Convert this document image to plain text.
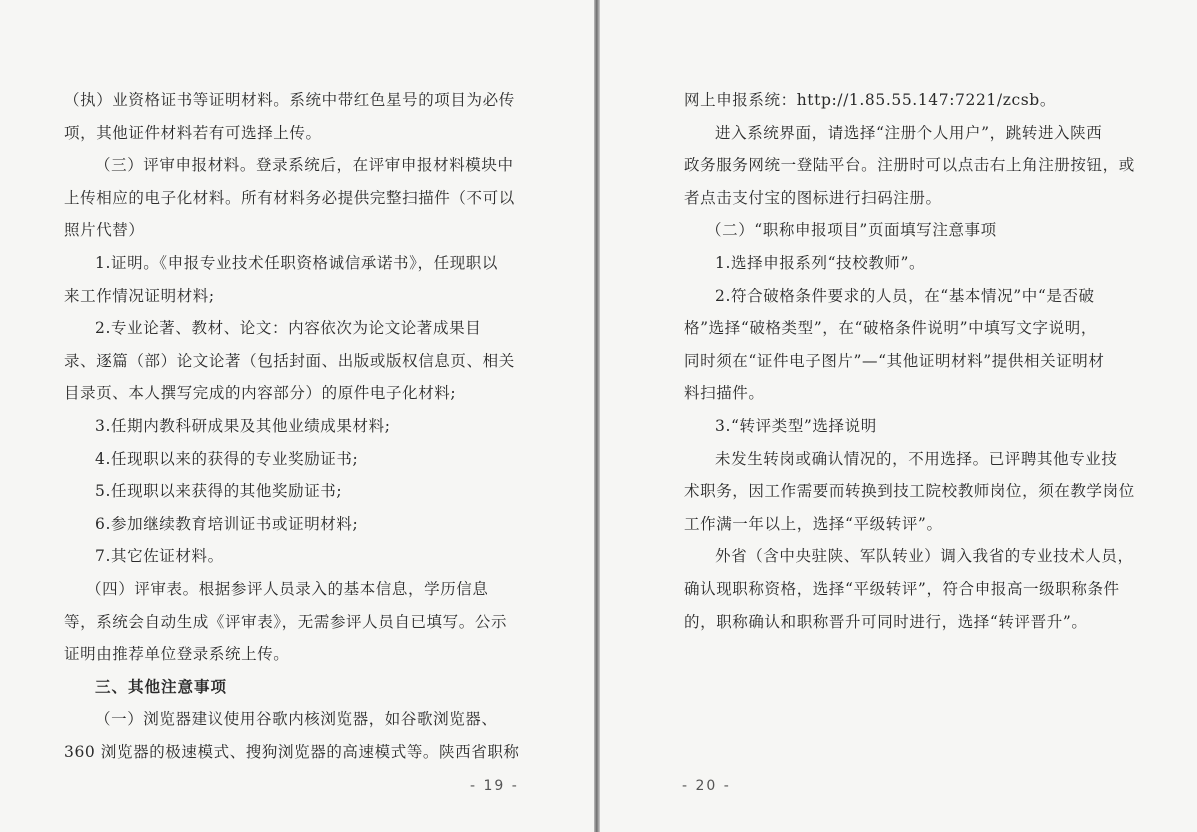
（执）业资格证书等证明材料。系统中带红色星号的项目为必传
项，其他证件材料若有可选择上传。
（三）评审申报材料。登录系统后，在评审申报材料模块中
上传相应的电子化材料。所有材料务必提供完整扫描件（不可以
照片代替）
1.证明。《申报专业技术任职资格诚信承诺书》，任现职以
来工作情况证明材料;
2.专业论著、教材、论文：内容依次为论文论著成果目
录、逐篇（部）论文论著（包括封面、出版或版权信息页、相关
目录页、本人撰写完成的内容部分）的原件电子化材料;
3.任期内教科研成果及其他业绩成果材料;
4.任现职以来的获得的专业奖励证书;
5.任现职以来获得的其他奖励证书;
6.参加继续教育培训证书或证明材料;
7.其它佐证材料。
（四）评审表。根据参评人员录入的基本信息，学历信息
等，系统会自动生成《评审表》，无需参评人员自已填写。公示
证明由推荐单位登录系统上传。
三、其他注意事项
（一）浏览器建议使用谷歌内核浏览器，如谷歌浏览器、
360 浏览器的极速模式、搜狗浏览器的高速模式等。陕西省职称
- 19 -
网上申报系统：http://1.85.55.147:7221/zcsb。
进入系统界面，请选择“注册个人用户”，跳转进入陕西
政务服务网统一登陆平台。注册时可以点击右上角注册按钮，或
者点击支付宝的图标进行扫码注册。
（二）“职称申报项目”页面填写注意事项
1.选择申报系列“技校教师”。
2.符合破格条件要求的人员，在“基本情况”中“是否破
格”选择“破格类型”，在“破格条件说明”中填写文字说明，
同时须在“证件电子图片”—“其他证明材料”提供相关证明材
料扫描件。
3.“转评类型”选择说明
未发生转岗或确认情况的，不用选择。已评聘其他专业技
术职务，因工作需要而转换到技工院校教师岗位，须在教学岗位
工作满一年以上，选择“平级转评”。
外省（含中央驻陕、军队转业）调入我省的专业技术人员，
确认现职称资格，选择“平级转评”，符合申报高一级职称条件
的，职称确认和职称晋升可同时进行，选择“转评晋升”。
- 20 -
